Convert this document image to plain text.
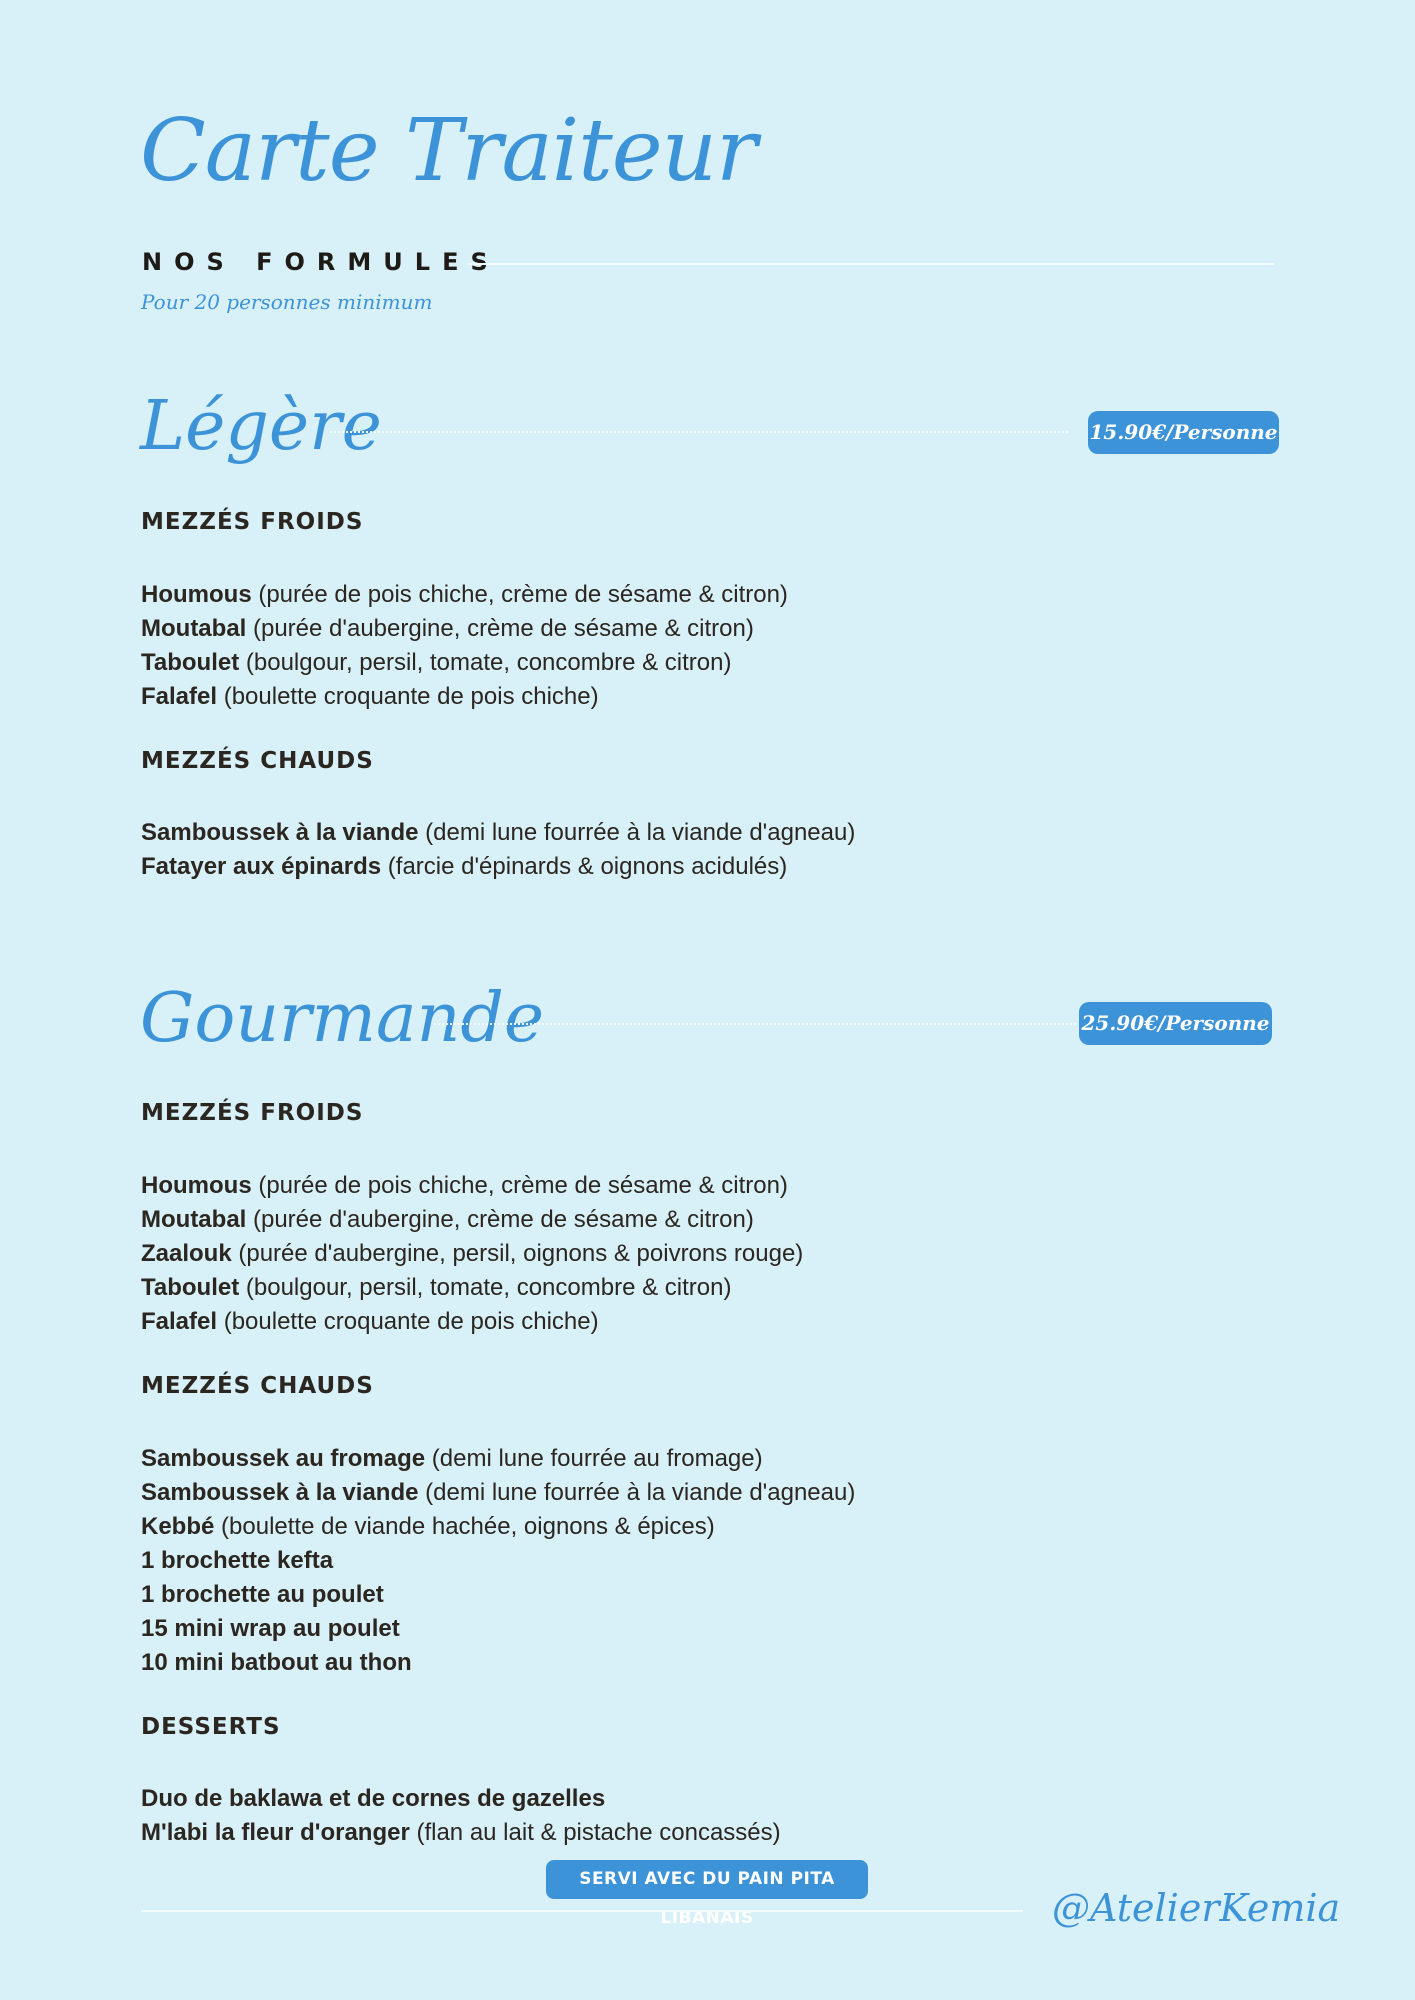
Carte Traiteur
NOS FORMULES
Pour 20 personnes minimum
Légère	15.90€/Personne
MEZZÉS FROIDS
Houmous (purée de pois chiche, crème de sésame & citron)
Moutabal (purée d'aubergine, crème de sésame & citron)
Taboulet (boulgour, persil, tomate, concombre & citron)
Falafel (boulette croquante de pois chiche)
MEZZÉS CHAUDS
Samboussek à la viande (demi lune fourrée à la viande d'agneau)
Fatayer aux épinards (farcie d'épinards & oignons acidulés)
Gourmande	25.90€/Personne
MEZZÉS FROIDS
Houmous (purée de pois chiche, crème de sésame & citron)
Moutabal (purée d'aubergine, crème de sésame & citron)
Zaalouk (purée d'aubergine, persil, oignons & poivrons rouge)
Taboulet (boulgour, persil, tomate, concombre & citron)
Falafel (boulette croquante de pois chiche)
MEZZÉS CHAUDS
Samboussek au fromage (demi lune fourrée au fromage)
Samboussek à la viande (demi lune fourrée à la viande d'agneau)
Kebbé (boulette de viande hachée, oignons & épices)
1 brochette kefta
1 brochette au poulet
15 mini wrap au poulet
10 mini batbout au thon
DESSERTS
Duo de baklawa et de cornes de gazelles
M'labi la fleur d'oranger (flan au lait & pistache concassés)
SERVI AVEC DU PAIN PITA LIBANAIS	@AtelierKemia
